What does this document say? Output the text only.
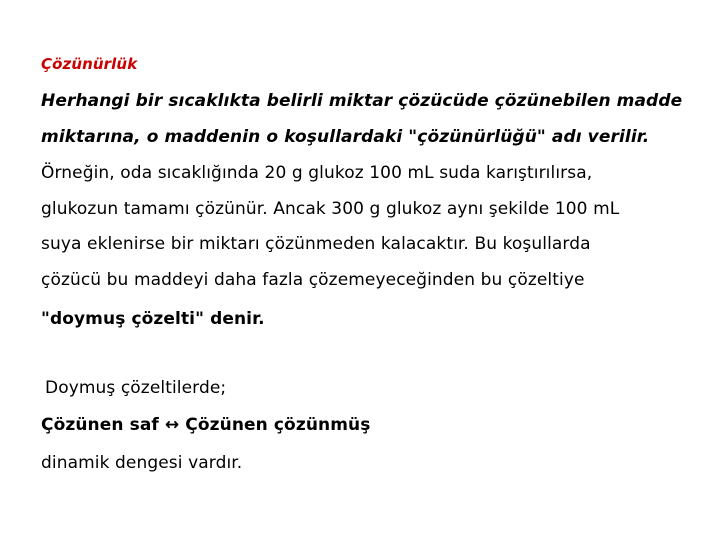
Çözünürlük
Herhangi bir sıcaklıkta belirli miktar çözücüde çözünebilen madde
miktarına, o maddenin o koşullardaki "çözünürlüğü" adı verilir.
Örneğin, oda sıcaklığında 20 g glukoz 100 mL suda karıştırılırsa,
glukozun tamamı çözünür. Ancak 300 g glukoz aynı şekilde 100 mL
suya eklenirse bir miktarı çözünmeden kalacaktır. Bu koşullarda
çözücü bu maddeyi daha fazla çözemeyeceğinden bu çözeltiye
"doymuş çözelti" denir.
Doymuş çözeltilerde;
Çözünen saf ↔ Çözünen çözünmüş
dinamik dengesi vardır.
